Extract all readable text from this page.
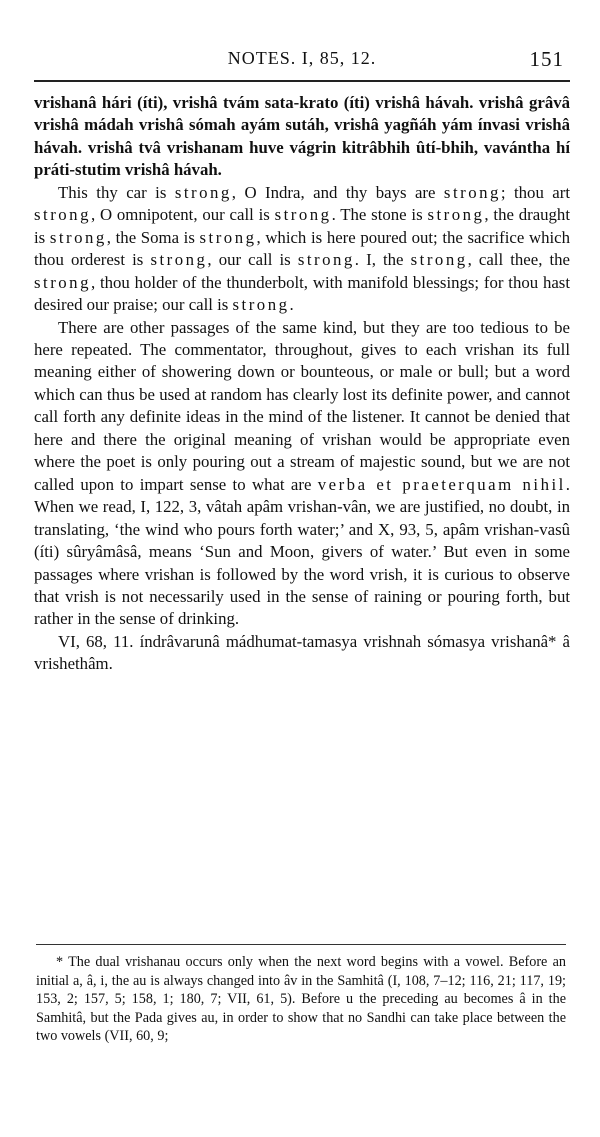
NOTES. I, 85, 12.	151

vrishanâ hári (íti), vrishâ tvám sata-krato (íti) vrishâ hávah. vrishâ grâvâ vrishâ mádah vrishâ sómah ayám sutáh, vrishâ yagñáh yám ínvasi vrishâ hávah. vrishâ tvâ vrishanam huve vágrin kitrâbhih ûtí-bhih, vavántha hí práti-stutim vrishâ hávah.

This thy car is strong, O Indra, and thy bays are strong; thou art strong, O omnipotent, our call is strong. The stone is strong, the draught is strong, the Soma is strong, which is here poured out; the sacrifice which thou orderest is strong, our call is strong. I, the strong, call thee, the strong, thou holder of the thunderbolt, with manifold blessings; for thou hast desired our praise; our call is strong.

There are other passages of the same kind, but they are too tedious to be here repeated. The commentator, throughout, gives to each vrishan its full meaning either of showering down or bounteous, or male or bull; but a word which can thus be used at random has clearly lost its definite power, and cannot call forth any definite ideas in the mind of the listener. It cannot be denied that here and there the original meaning of vrishan would be appropriate even where the poet is only pouring out a stream of majestic sound, but we are not called upon to impart sense to what are verba et praeterquam nihil. When we read, I, 122, 3, vâtah apâm vrishan-vân, we are justified, no doubt, in translating, ‘the wind who pours forth water;’ and X, 93, 5, apâm vrishan-vasû (íti) sûryâmâsâ, means ‘Sun and Moon, givers of water.’ But even in some passages where vrishan is followed by the word vrish, it is curious to observe that vrish is not necessarily used in the sense of raining or pouring forth, but rather in the sense of drinking.

VI, 68, 11. índrâvarunâ mádhumat-tamasya vrishnah sómasya vrishanâ* â vrishethâm.

* The dual vrishanau occurs only when the next word begins with a vowel. Before an initial a, â, i, the au is always changed into âv in the Samhitâ (I, 108, 7–12; 116, 21; 117, 19; 153, 2; 157, 5; 158, 1; 180, 7; VII, 61, 5). Before u the preceding au becomes â in the Samhitâ, but the Pada gives au, in order to show that no Sandhi can take place between the two vowels (VII, 60, 9;
